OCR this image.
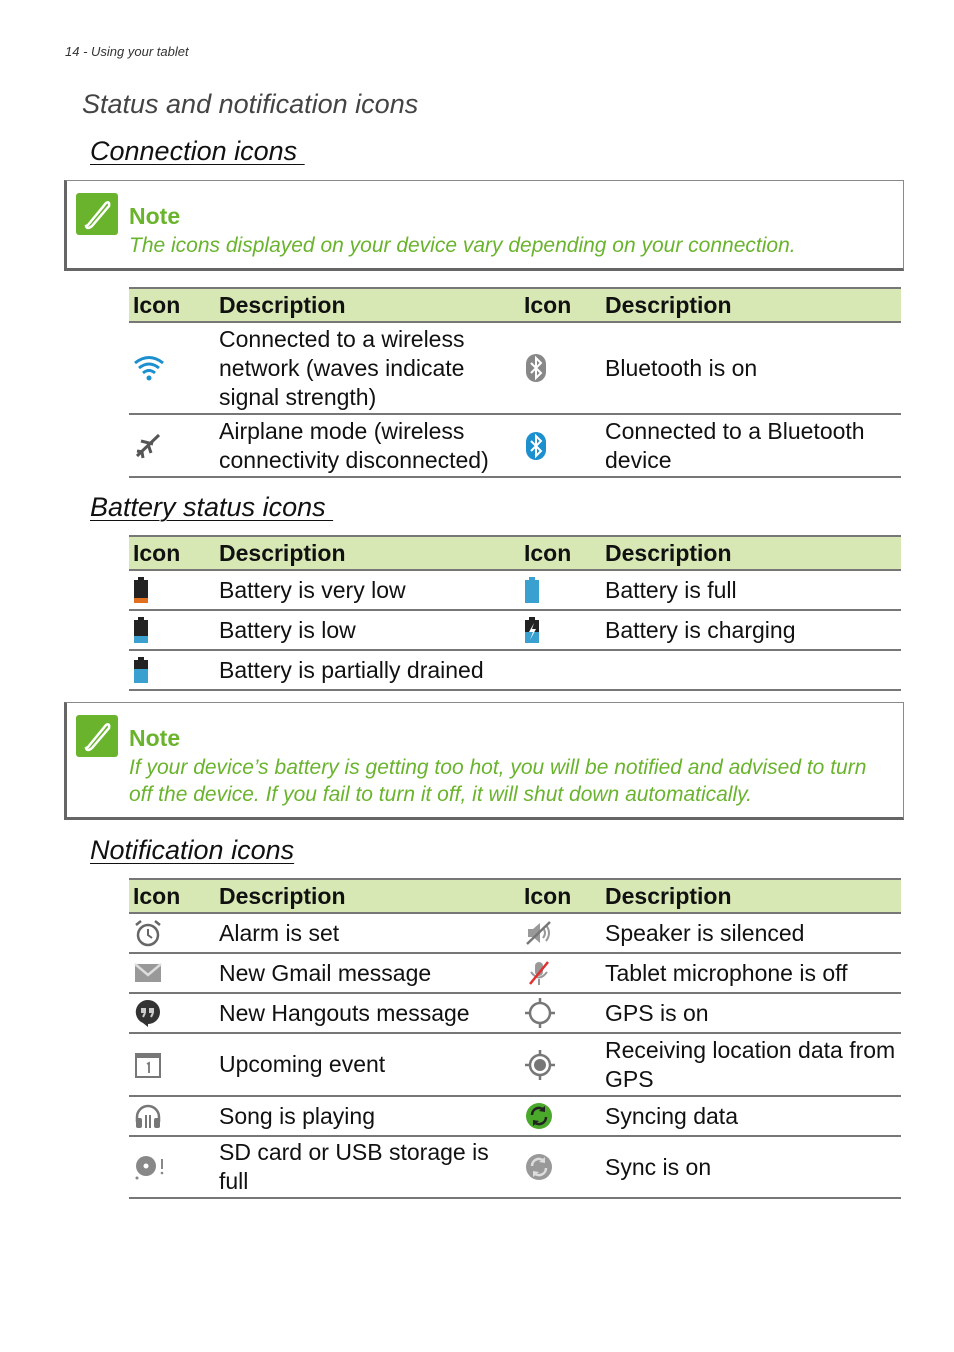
14 - Using your tablet
Status and notification icons
Connection icons
Note
The icons displayed on your device vary depending on your connection.
Icon	Description	Icon	Description

	Connected to a wireless network (waves indicate signal strength)		Bluetooth is on

	Airplane mode (wireless connectivity disconnected)		Connected to a Bluetooth device
Battery status icons
Icon	Description	Icon	Description

	Battery is very low		Battery is full

	Battery is low		Battery is charging

	Battery is partially drained		
Note
If your device’s battery is getting too hot, you will be notified and advised to turn off the device. If you fail to turn it off, it will shut down automatically.
Notification icons
Icon	Description	Icon	Description

	Alarm is set		Speaker is silenced

	New Gmail message		Tablet microphone is off

	New Hangouts message		GPS is on

	Upcoming event		Receiving location data from GPS

	Song is playing		Syncing data

	SD card or USB storage is full		Sync is on
